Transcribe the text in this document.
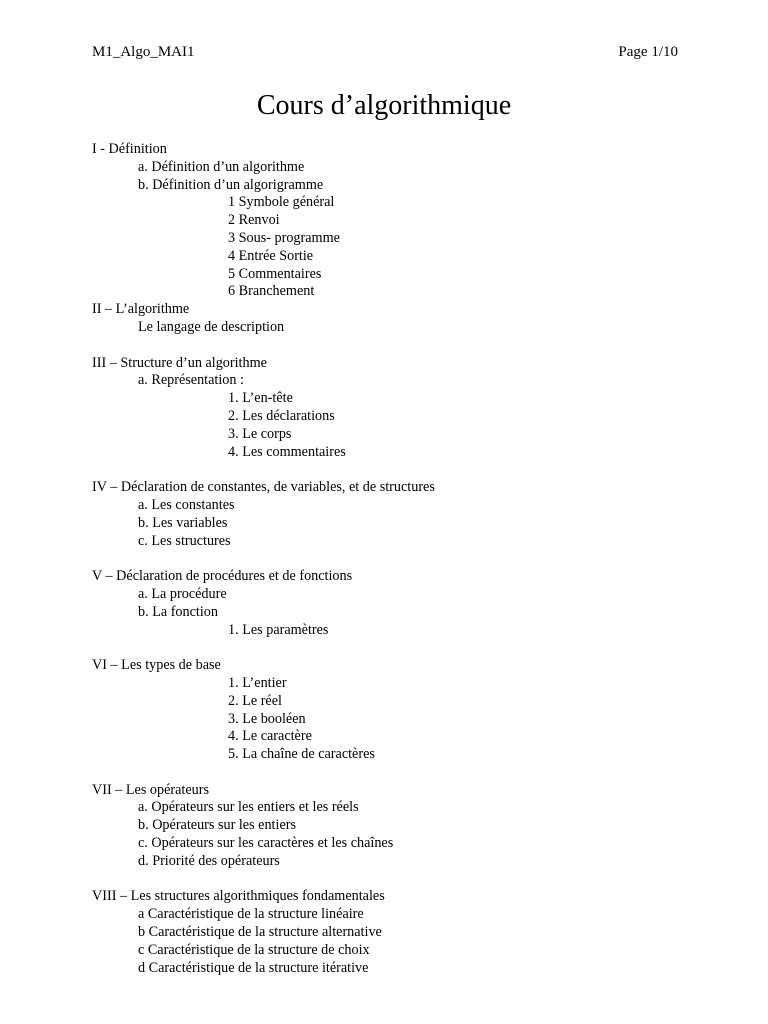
M1_Algo_MAI1	Page 1/10
Cours d’algorithmique
I - Définition
a. Définition d’un algorithme
b. Définition d’un algorigramme
1 Symbole général
2 Renvoi
3 Sous- programme
4 Entrée Sortie
5 Commentaires
6 Branchement
II – L’algorithme
Le langage de description
III – Structure d’un algorithme
a. Représentation :
1. L’en-tête
2. Les déclarations
3. Le corps
4. Les commentaires
IV – Déclaration de constantes, de variables, et de structures
a. Les constantes
b. Les variables
c. Les structures
V – Déclaration de procédures et de fonctions
a. La procédure
b. La fonction
1. Les paramètres
VI – Les types de base
1. L’entier
2. Le réel
3. Le booléen
4. Le caractère
5. La chaîne de caractères
VII – Les opérateurs
a. Opérateurs sur les entiers et les réels
b. Opérateurs sur les entiers
c. Opérateurs sur les caractères et les chaînes
d. Priorité des opérateurs
VIII – Les structures algorithmiques fondamentales
a Caractéristique de la structure linéaire
b Caractéristique de la structure alternative
c Caractéristique de la structure de choix
d Caractéristique de la structure itérative
